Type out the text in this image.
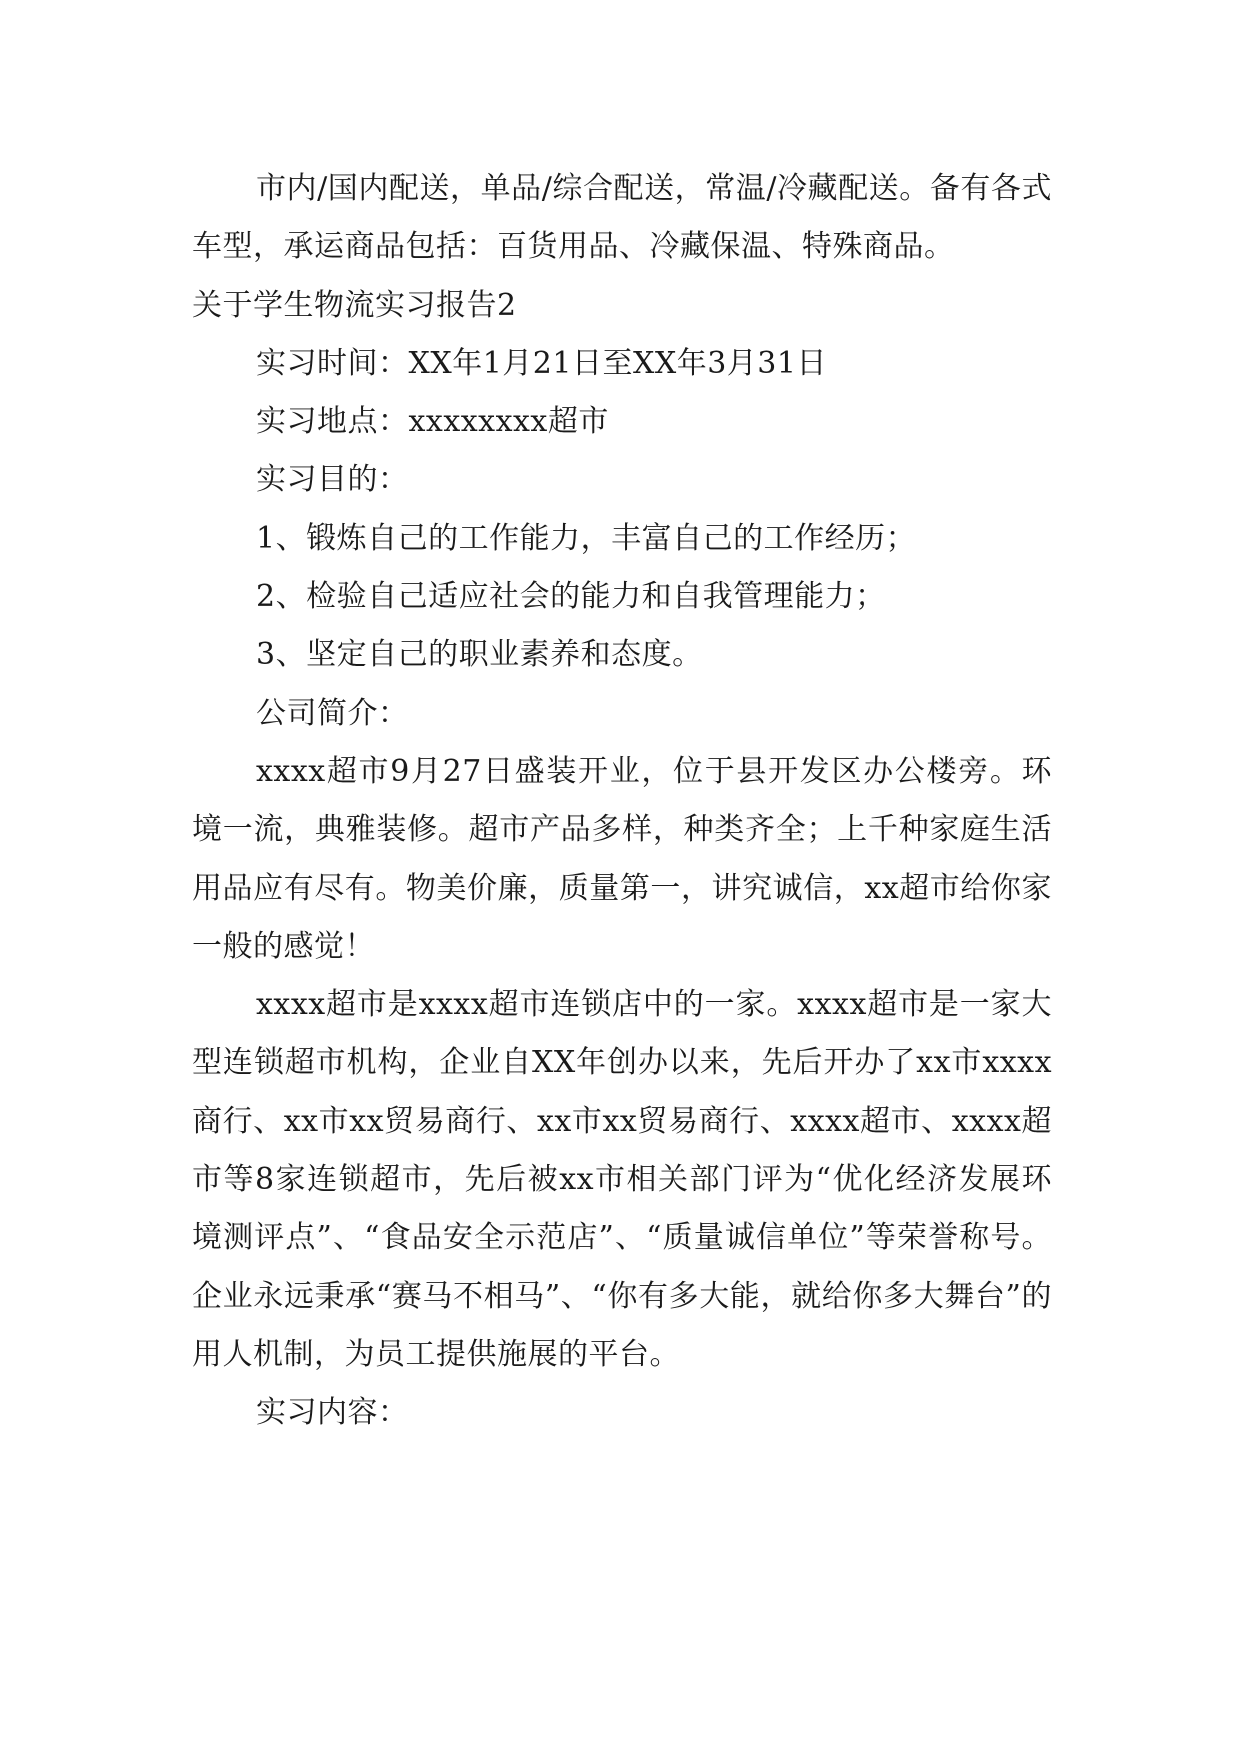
市内/国内配送，单品/综合配送，常温/冷藏配送。备有各式车型，承运商品包括：百货用品、冷藏保温、特殊商品。

关于学生物流实习报告2

实习时间：XX年1月21日至XX年3月31日

实习地点：xxxxxxxx超市

实习目的：

1、锻炼自己的工作能力，丰富自己的工作经历；

2、检验自己适应社会的能力和自我管理能力；

3、坚定自己的职业素养和态度。

公司简介：

xxxx超市9月27日盛装开业，位于县开发区办公楼旁。环境一流，典雅装修。超市产品多样，种类齐全；上千种家庭生活用品应有尽有。物美价廉，质量第一，讲究诚信，xx超市给你家一般的感觉！

xxxx超市是xxxx超市连锁店中的一家。xxxx超市是一家大型连锁超市机构，企业自XX年创办以来，先后开办了xx市xxxx商行、xx市xx贸易商行、xx市xx贸易商行、xxxx超市、xxxx超市等8家连锁超市，先后被xx市相关部门评为“优化经济发展环境测评点”、“食品安全示范店”、“质量诚信单位”等荣誉称号。企业永远秉承“赛马不相马”、“你有多大能，就给你多大舞台”的用人机制，为员工提供施展的平台。

实习内容：
